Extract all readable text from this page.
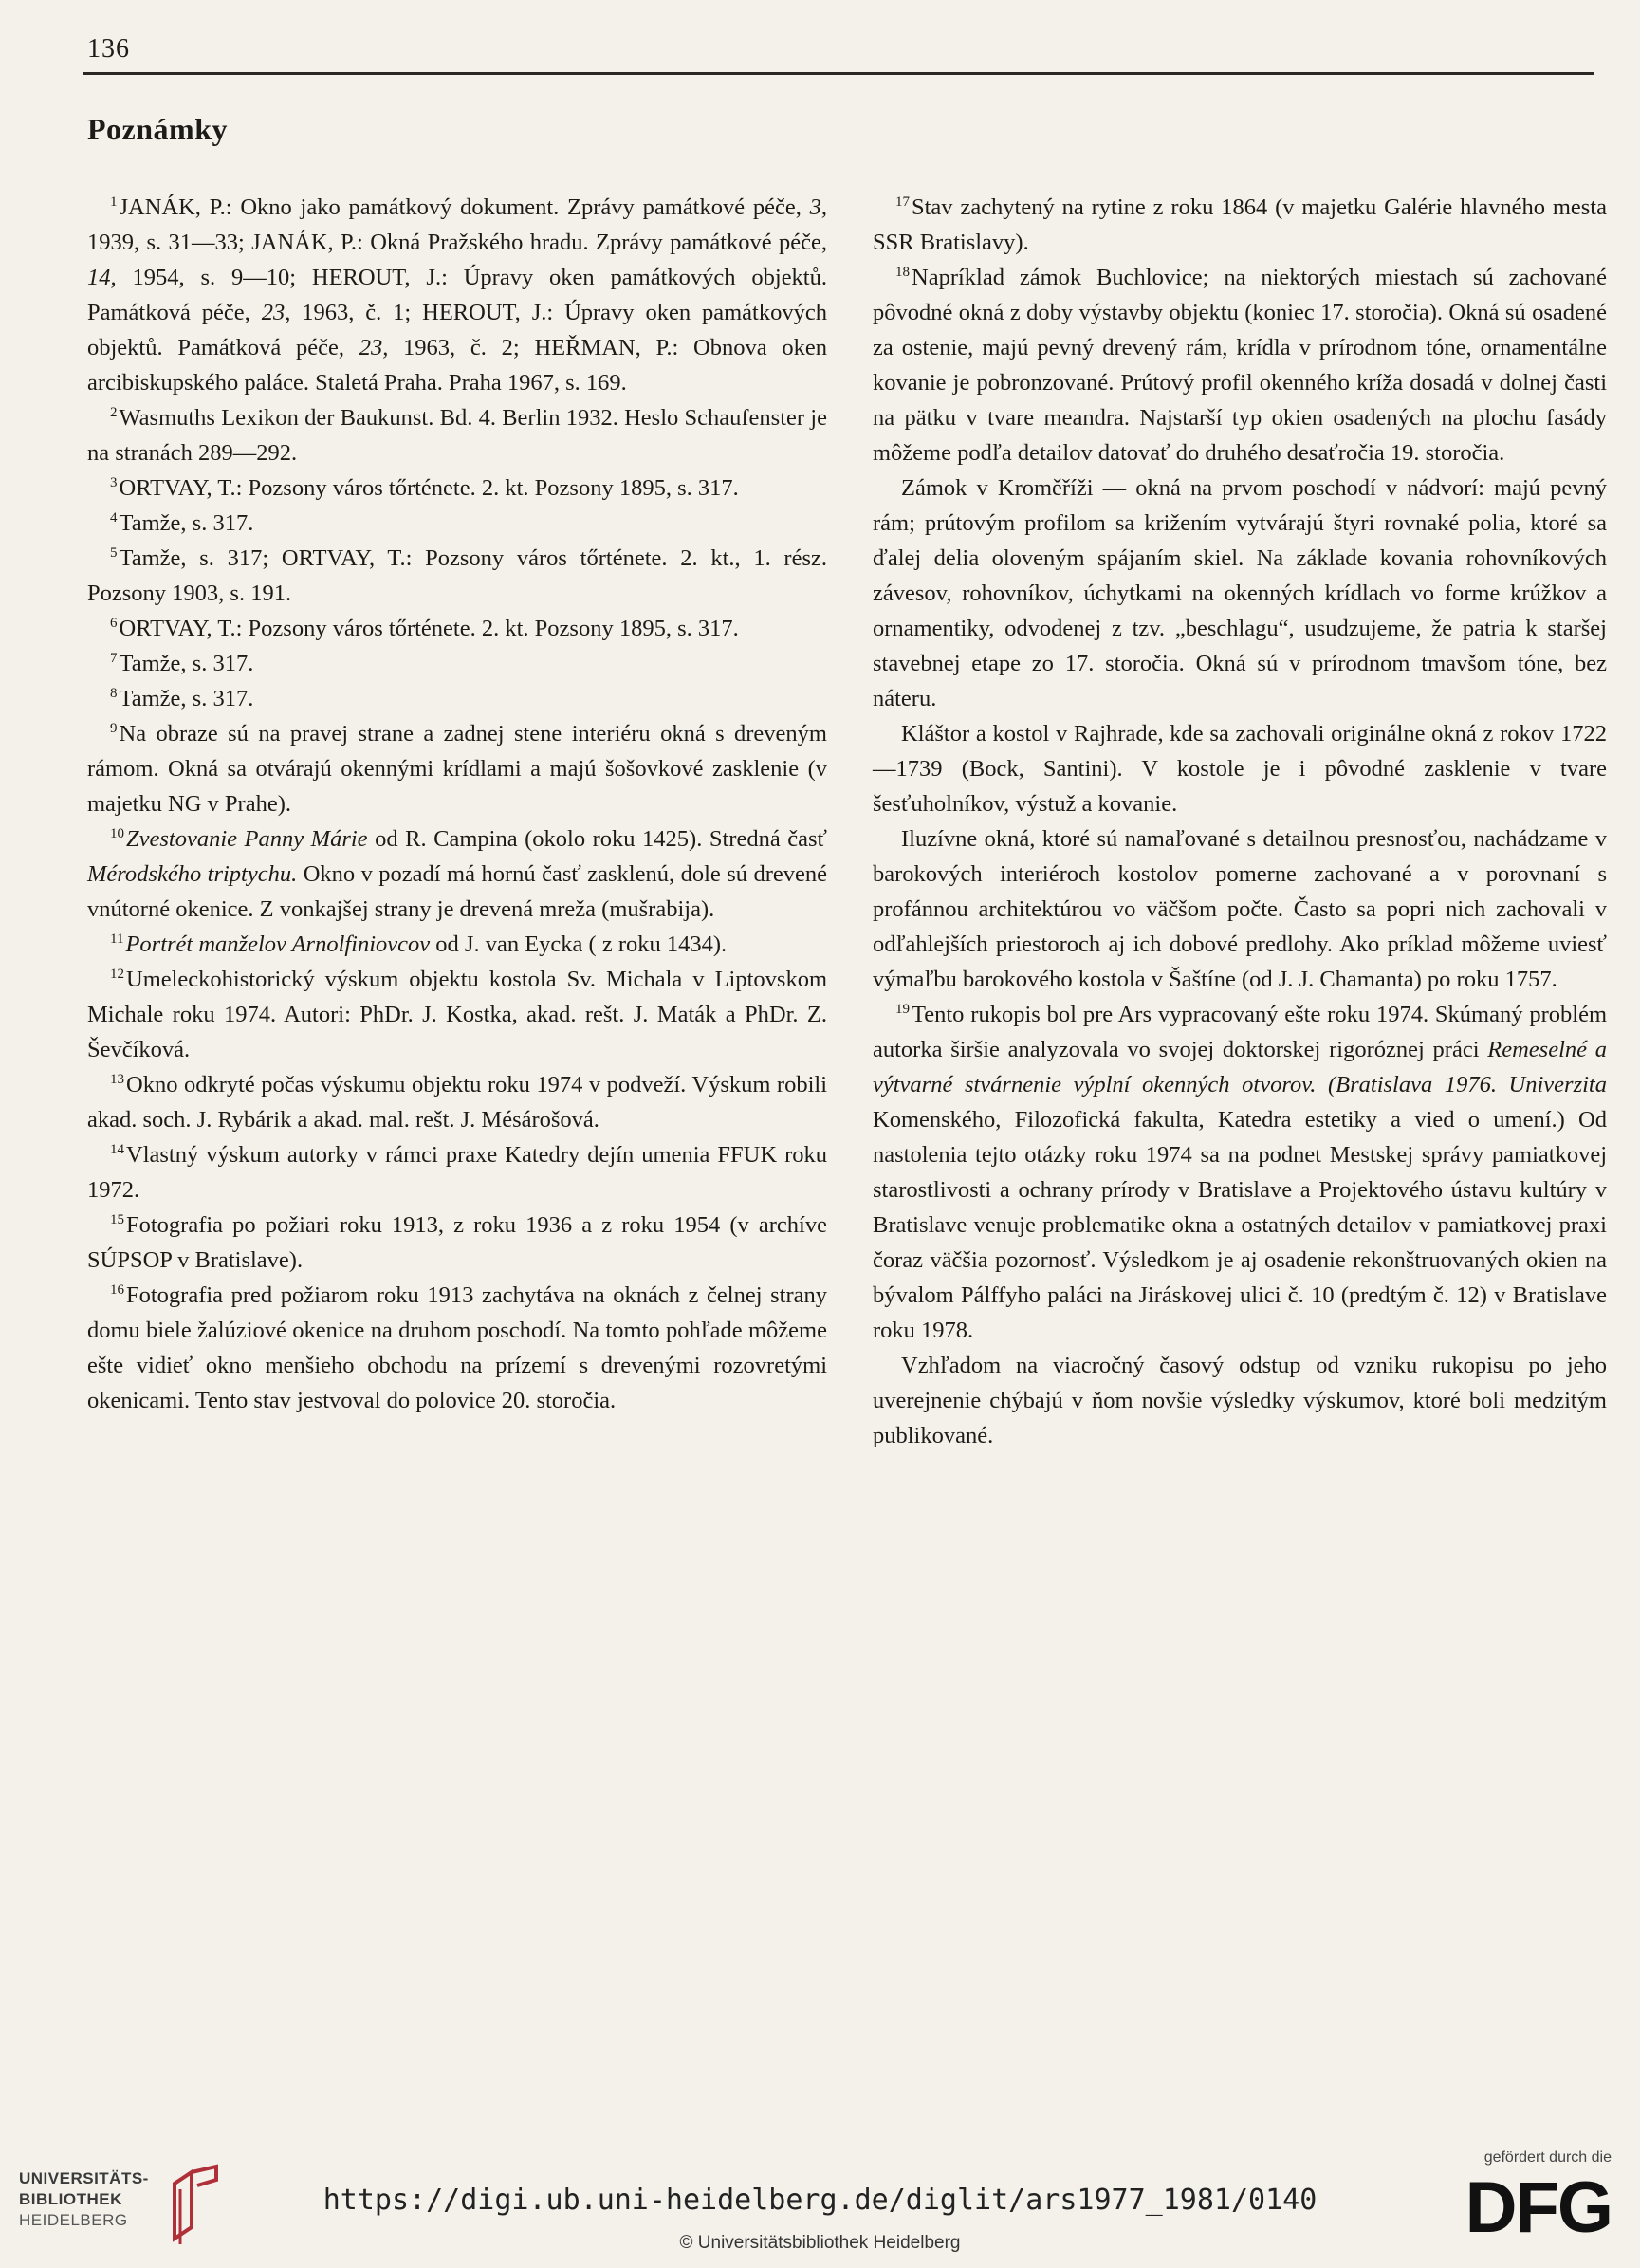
136
Poznámky

$^1$JANÁK, P.: Okno jako památkový dokument. Zprávy památkové péče, 3, 1939, s. 31—33; JANÁK, P.: Okná Pražského hradu. Zprávy památkové péče, 14, 1954, s. 9—10; HEROUT, J.: Úpravy oken památkových objektů. Památková péče, 23, 1963, č. 1; HEROUT, J.: Úpravy oken památkových objektů. Památková péče, 23, 1963, č. 2; HEŘMAN, P.: Obnova oken arcibiskupského paláce. Staletá Praha. Praha 1967, s. 169.

$^2$Wasmuths Lexikon der Baukunst. Bd. 4. Berlin 1932. Heslo Schaufenster je na stranách 289—292.

$^3$ORTVAY, T.: Pozsony város tőrténete. 2. kt. Pozsony 1895, s. 317.

$^4$Tamže, s. 317.

$^5$Tamže, s. 317; ORTVAY, T.: Pozsony város tőrténete. 2. kt., 1. rész. Pozsony 1903, s. 191.

$^6$ORTVAY, T.: Pozsony város tőrténete. 2. kt. Pozsony 1895, s. 317.

$^7$Tamže, s. 317.

$^8$Tamže, s. 317.

$^9$Na obraze sú na pravej strane a zadnej stene interiéru okná s dreveným rámom. Okná sa otvárajú okennými krídlami a majú šošovkové zasklenie (v majetku NG v Prahe).

$^{10}$Zvestovanie Panny Márie od R. Campina (okolo roku 1425). Stredná časť Mérodského triptychu. Okno v pozadí má hornú časť zasklenú, dole sú drevené vnútorné okenice. Z vonkajšej strany je drevená mreža (mušrabija).

$^{11}$Portrét manželov Arnolfiniovcov od J. van Eycka ( z roku 1434).

$^{12}$Umeleckohistorický výskum objektu kostola Sv. Michala v Liptovskom Michale roku 1974. Autori: PhDr. J. Kostka, akad. rešt. J. Maták a PhDr. Z. Ševčíková.

$^{13}$Okno odkryté počas výskumu objektu roku 1974 v podveží. Výskum robili akad. soch. J. Rybárik a akad. mal. rešt. J. Mésárošová.

$^{14}$Vlastný výskum autorky v rámci praxe Katedry dejín umenia FFUK roku 1972.

$^{15}$Fotografia po požiari roku 1913, z roku 1936 a z roku 1954 (v archíve SÚPSOP v Bratislave).

$^{16}$Fotografia pred požiarom roku 1913 zachytáva na oknách z čelnej strany domu biele žalúziové okenice na druhom poschodí. Na tomto pohľade môžeme ešte vidieť okno menšieho obchodu na prízemí s drevenými rozovretými okenicami. Tento stav jestvoval do polovice 20. storočia.

$^{17}$Stav zachytený na rytine z roku 1864 (v majetku Galérie hlavného mesta SSR Bratislavy).

$^{18}$Napríklad zámok Buchlovice; na niektorých miestach sú zachované pôvodné okná z doby výstavby objektu (koniec 17. storočia). Okná sú osadené za ostenie, majú pevný drevený rám, krídla v prírodnom tóne, ornamentálne kovanie je pobronzované. Prútový profil okenného kríža dosadá v dolnej časti na pätku v tvare meandra. Najstarší typ okien osadených na plochu fasády môžeme podľa detailov datovať do druhého desaťročia 19. storočia.

Zámok v Kroměříži — okná na prvom poschodí v nádvorí: majú pevný rám; prútovým profilom sa križením vytvárajú štyri rovnaké polia, ktoré sa ďalej delia oloveným spájaním skiel. Na základe kovania rohovníkových závesov, rohovníkov, úchytkami na okenných krídlach vo forme krúžkov a ornamentiky, odvodenej z tzv. „beschlagu“, usudzujeme, že patria k staršej stavebnej etape zo 17. storočia. Okná sú v prírodnom tmavšom tóne, bez náteru.

Kláštor a kostol v Rajhrade, kde sa zachovali originálne okná z rokov 1722—1739 (Bock, Santini). V kostole je i pôvodné zasklenie v tvare šesťuholníkov, výstuž a kovanie.

Iluzívne okná, ktoré sú namaľované s detailnou presnosťou, nachádzame v barokových interiéroch kostolov pomerne zachované a v porovnaní s profánnou architektúrou vo väčšom počte. Často sa popri nich zachovali v odľahlejších priestoroch aj ich dobové predlohy. Ako príklad môžeme uviesť výmaľbu barokového kostola v Šaštíne (od J. J. Chamanta) po roku 1757.

$^{19}$Tento rukopis bol pre Ars vypracovaný ešte roku 1974. Skúmaný problém autorka širšie analyzovala vo svojej doktorskej rigoróznej práci Remeselné a výtvarné stvárnenie výplní okenných otvorov. (Bratislava 1976. Univerzita Komenského, Filozofická fakulta, Katedra estetiky a vied o umení.) Od nastolenia tejto otázky roku 1974 sa na podnet Mestskej správy pamiatkovej starostlivosti a ochrany prírody v Bratislave a Projektového ústavu kultúry v Bratislave venuje problematike okna a ostatných detailov v pamiatkovej praxi čoraz väčšia pozornosť. Výsledkom je aj osadenie rekonštruovaných okien na bývalom Pálffyho paláci na Jiráskovej ulici č. 10 (predtým č. 12) v Bratislave roku 1978.

Vzhľadom na viacročný časový odstup od vzniku rukopisu po jeho uverejnenie chýbajú v ňom novšie výsledky výskumov, ktoré boli medzitým publikované.

UNIVERSITÄTS-
BIBLIOTHEK
HEIDELBERG
https://digi.ub.uni-heidelberg.de/diglit/ars1977_1981/0140
© Universitätsbibliothek Heidelberg
gefördert durch die
DFG
